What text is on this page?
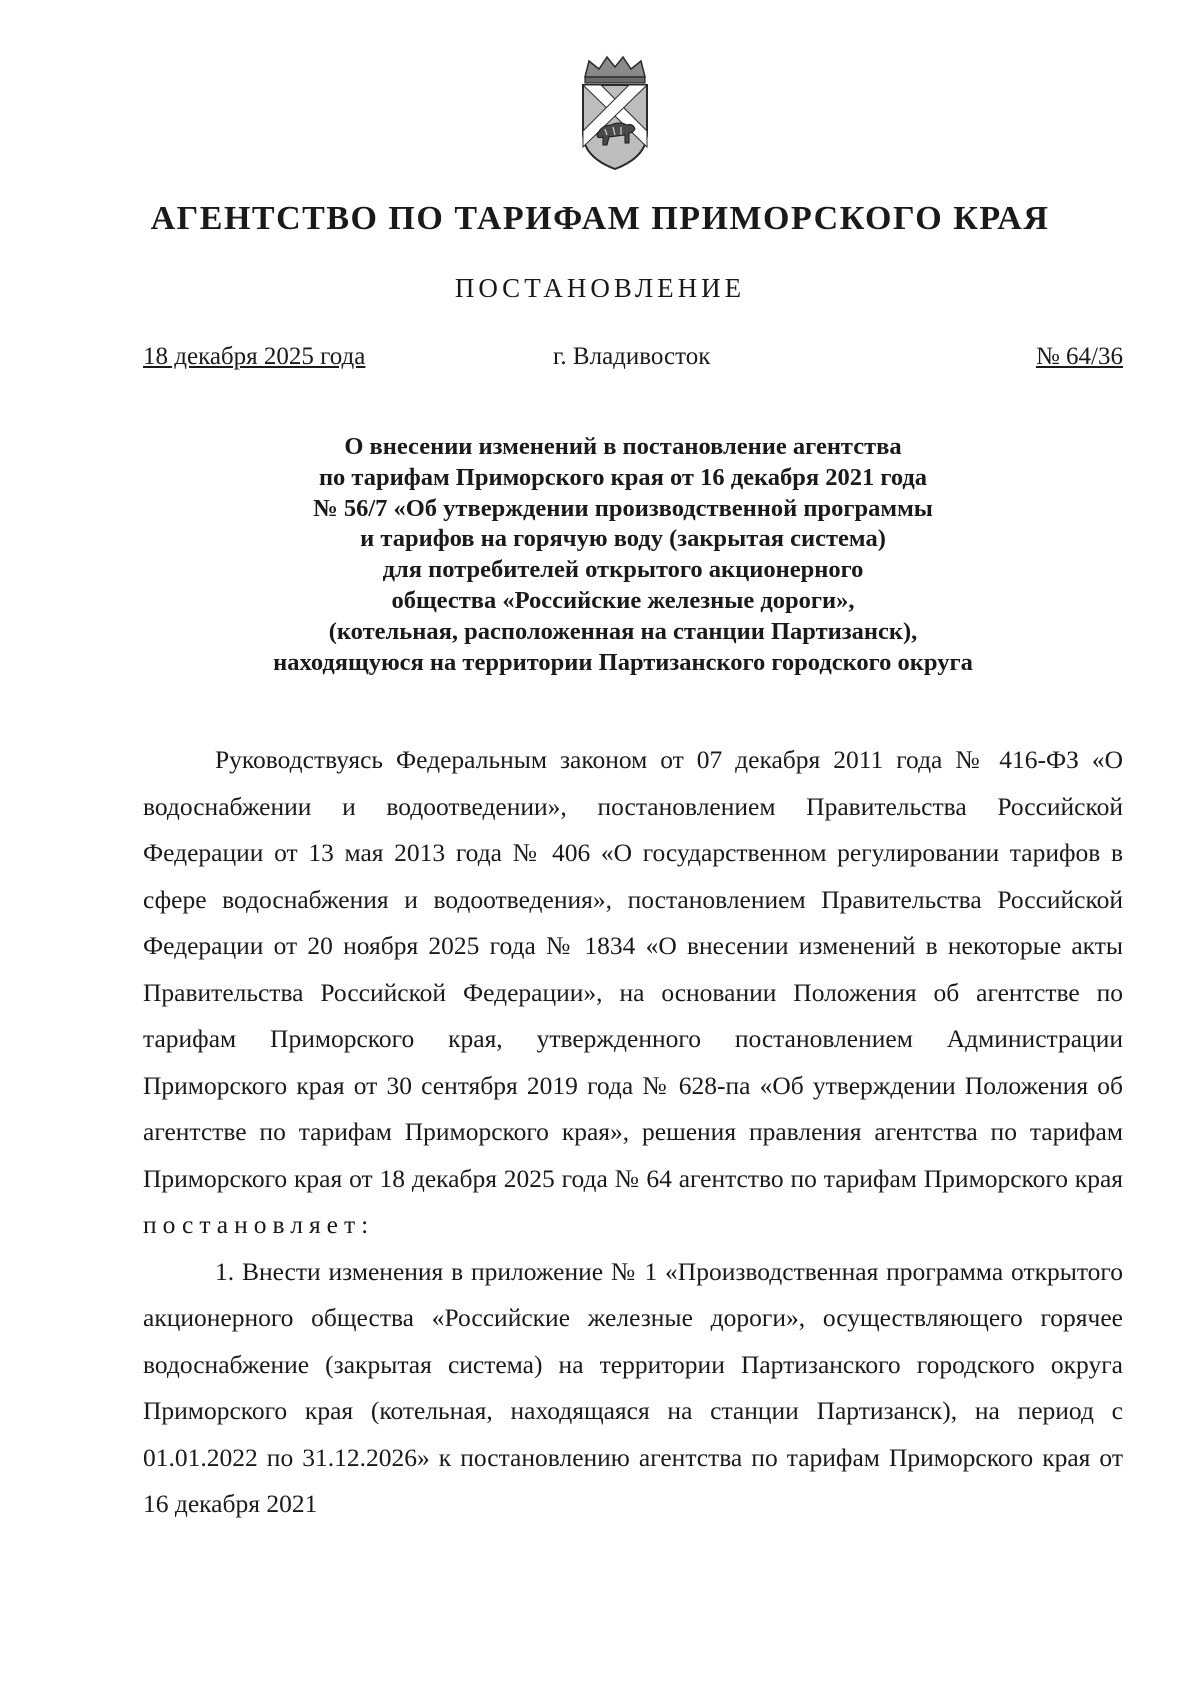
АГЕНТСТВО ПО ТАРИФАМ ПРИМОРСКОГО КРАЯ
ПОСТАНОВЛЕНИЕ
18 декабря 2025 года	г. Владивосток	№ 64/36
О внесении изменений в постановление агентства
по тарифам Приморского края от 16 декабря 2021 года
№ 56/7 «Об утверждении производственной программы
и тарифов на горячую воду (закрытая система)
для потребителей открытого акционерного
общества «Российские железные дороги»,
(котельная, расположенная на станции Партизанск),
находящуюся на территории Партизанского городского округа

Руководствуясь Федеральным законом от 07 декабря 2011 года № 416-ФЗ «О водоснабжении и водоотведении», постановлением Правительства Российской Федерации от 13 мая 2013 года № 406 «О государственном регулировании тарифов в сфере водоснабжения и водоотведения», постановлением Правительства Российской Федерации от 20 ноября 2025 года № 1834 «О внесении изменений в некоторые акты Правительства Российской Федерации», на основании Положения об агентстве по тарифам Приморского края, утвержденного постановлением Администрации Приморского края от 30 сентября 2019 года № 628-па «Об утверждении Положения об агентстве по тарифам Приморского края», решения правления агентства по тарифам Приморского края от 18 декабря 2025 года № 64 агентство по тарифам Приморского края постановляет:

1. Внести изменения в приложение № 1 «Производственная программа открытого акционерного общества «Российские железные дороги», осуществляющего горячее водоснабжение (закрытая система) на территории Партизанского городского округа Приморского края (котельная, находящаяся на станции Партизанск), на период с 01.01.2022 по 31.12.2026» к постановлению агентства по тарифам Приморского края от 16 декабря 2021
